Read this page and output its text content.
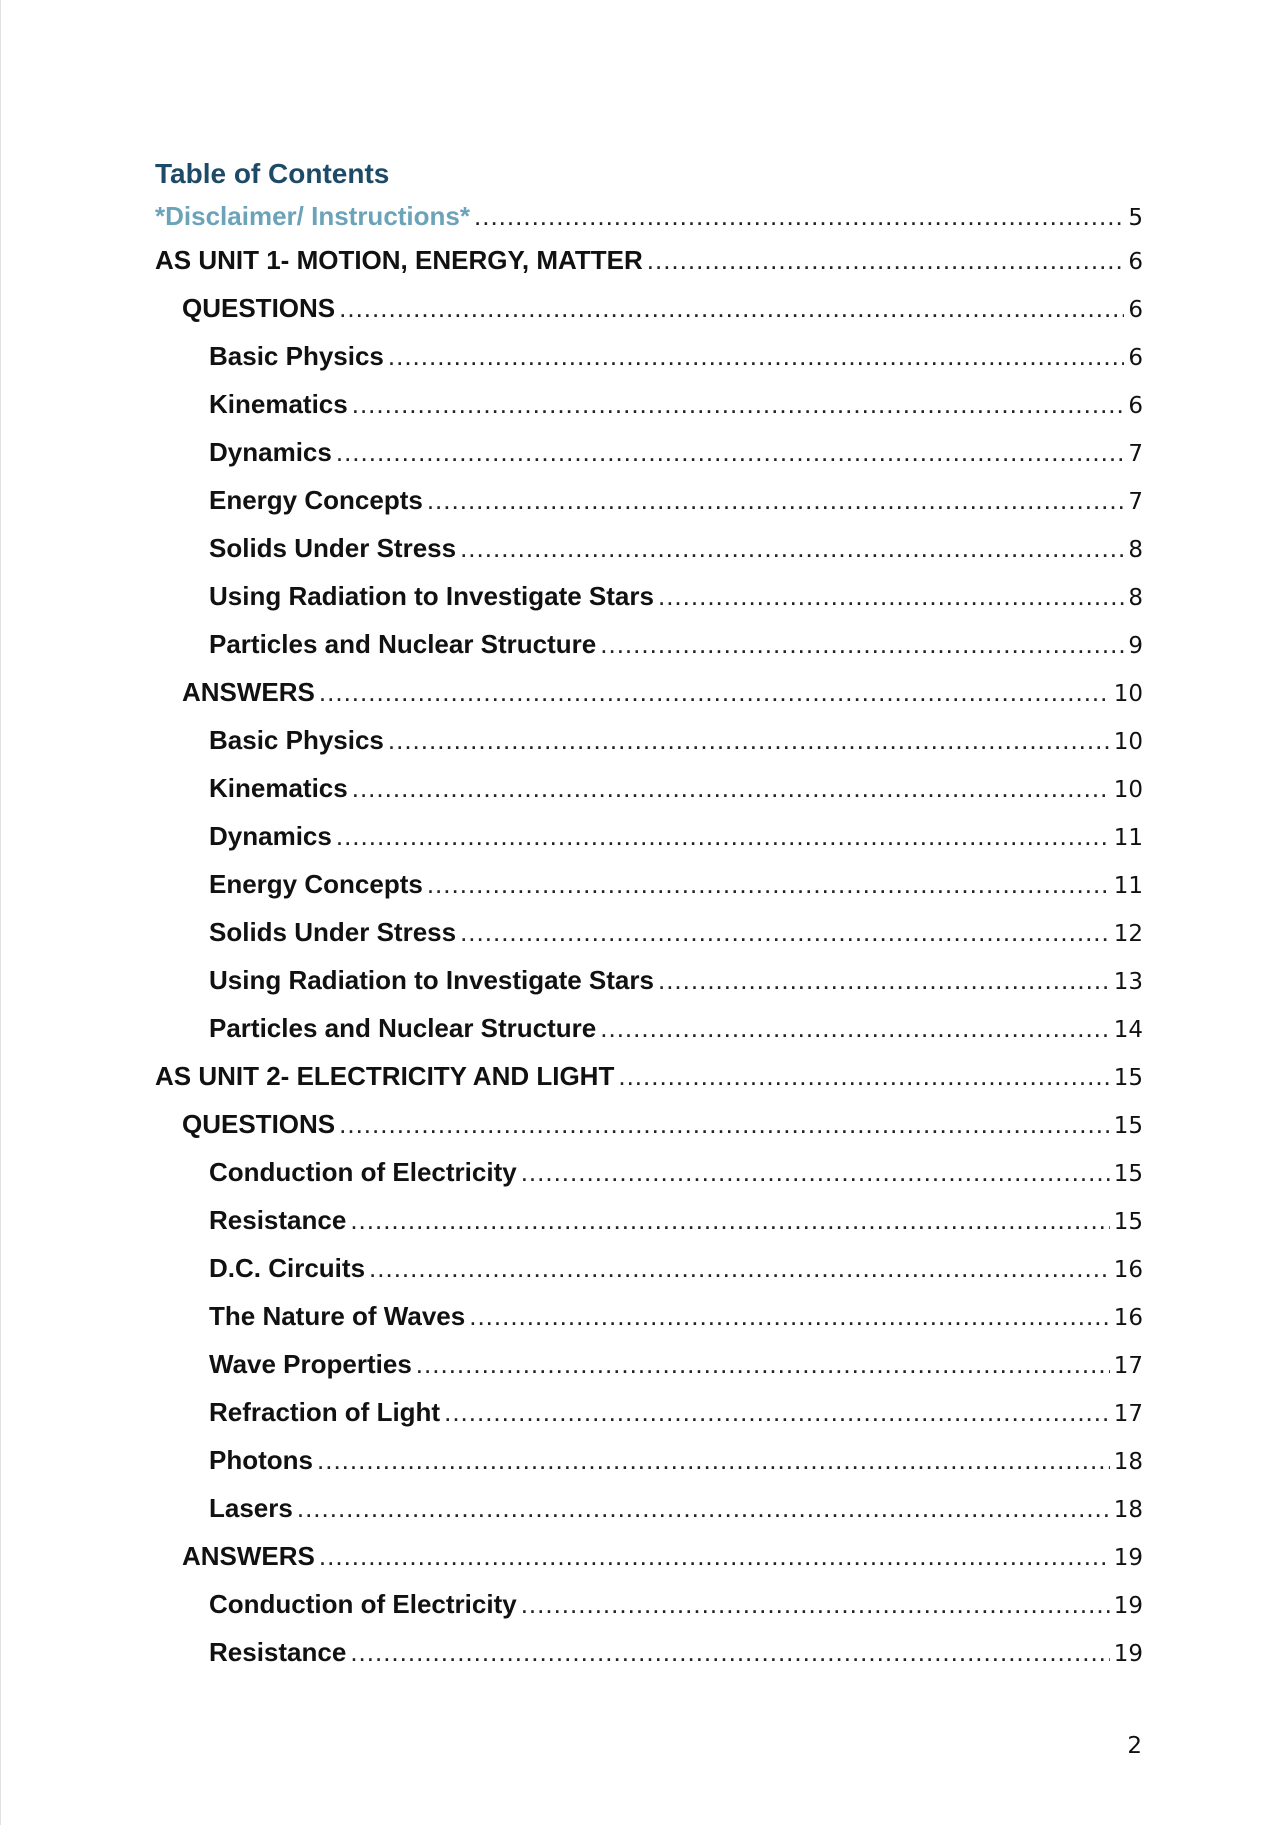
Table of Contents
*Disclaimer/ Instructions* .....	5
AS UNIT 1- MOTION, ENERGY, MATTER .....	6
QUESTIONS .....	6
Basic Physics .....	6
Kinematics .....	6
Dynamics .....	7
Energy Concepts .....	7
Solids Under Stress .....	8
Using Radiation to Investigate Stars .....	8
Particles and Nuclear Structure .....	9
ANSWERS .....	10
Basic Physics .....	10
Kinematics .....	10
Dynamics .....	11
Energy Concepts .....	11
Solids Under Stress .....	12
Using Radiation to Investigate Stars .....	13
Particles and Nuclear Structure .....	14
AS UNIT 2- ELECTRICITY AND LIGHT .....	15
QUESTIONS .....	15
Conduction of Electricity .....	15
Resistance .....	15
D.C. Circuits .....	16
The Nature of Waves .....	16
Wave Properties .....	17
Refraction of Light .....	17
Photons .....	18
Lasers .....	18
ANSWERS .....	19
Conduction of Electricity .....	19
Resistance .....	19
2
